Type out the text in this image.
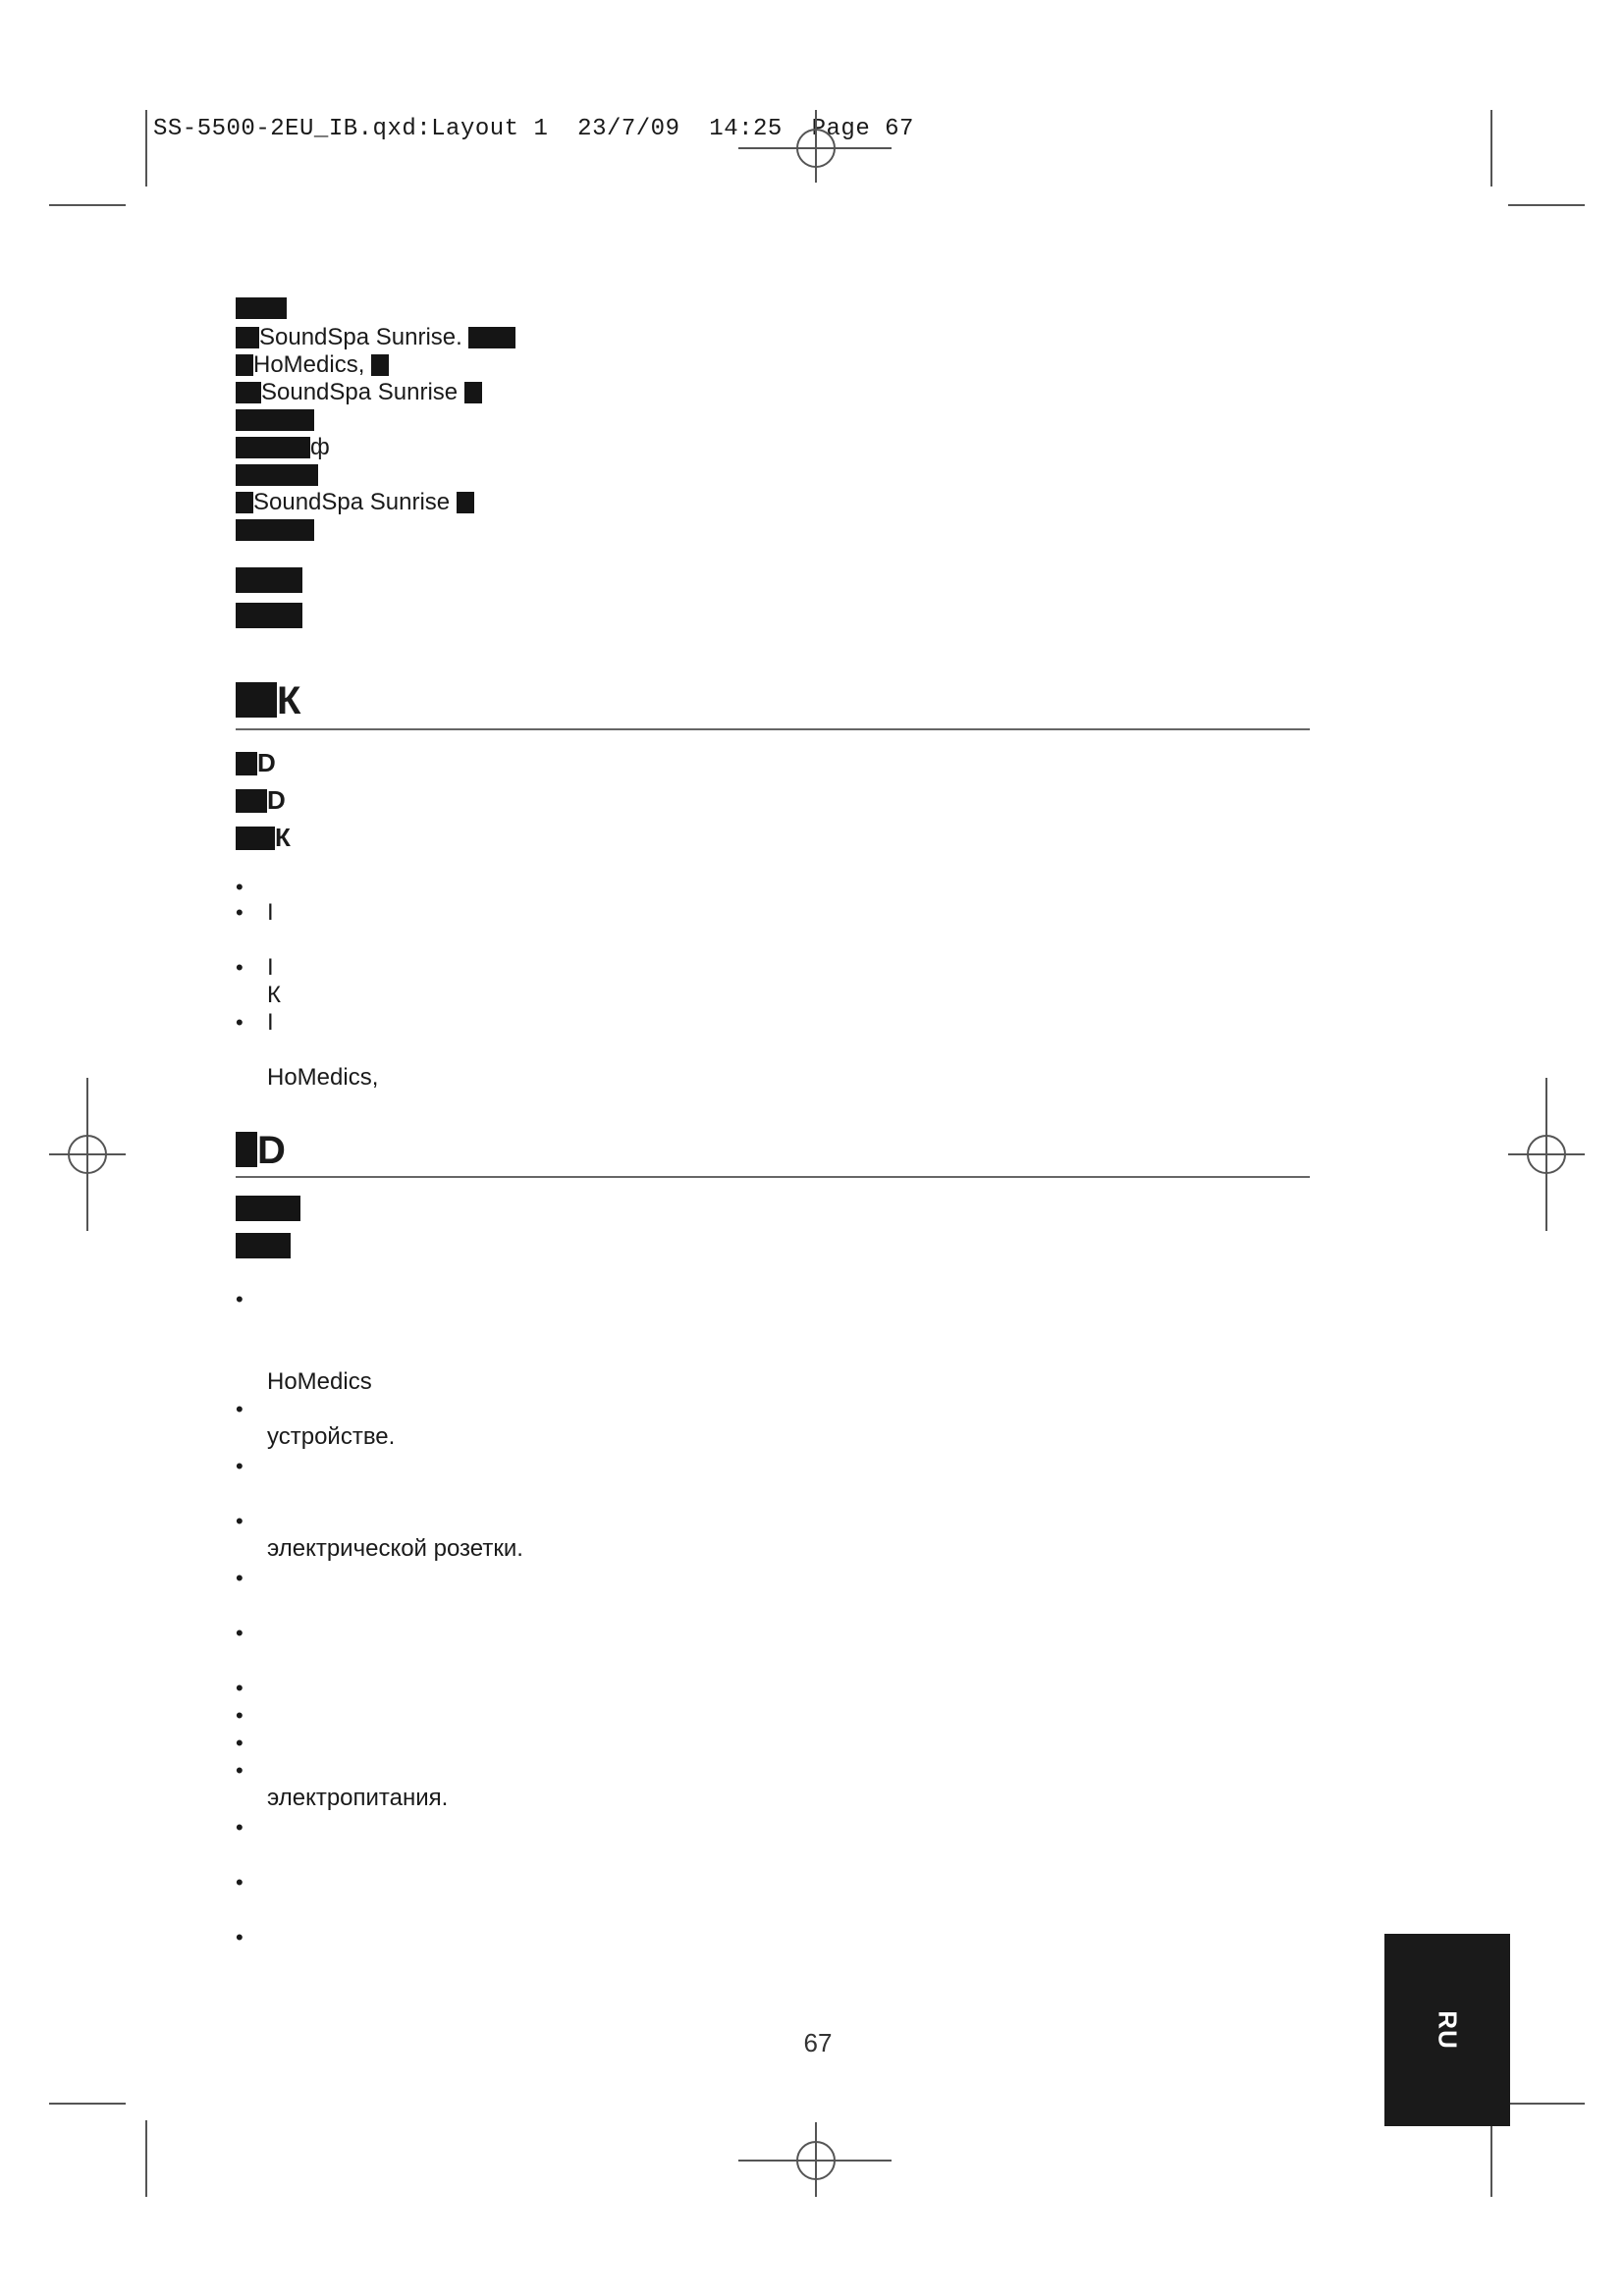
SS-5500-2EU_IB.qxd:Layout 1  23/7/09  14:25  Page 67
SoundSpa Sunrise.
HoMedics,
SoundSpa Sunrise
ф
SoundSpa Sunrise
К
D
D
К
•
• I
• I
К
• I
HoMedics,
D
•
HoMedics
•
устройстве.
•
•
электрической розетки.
•
•
•
•
•
•
электропитания.
•
•
•
67	RU
